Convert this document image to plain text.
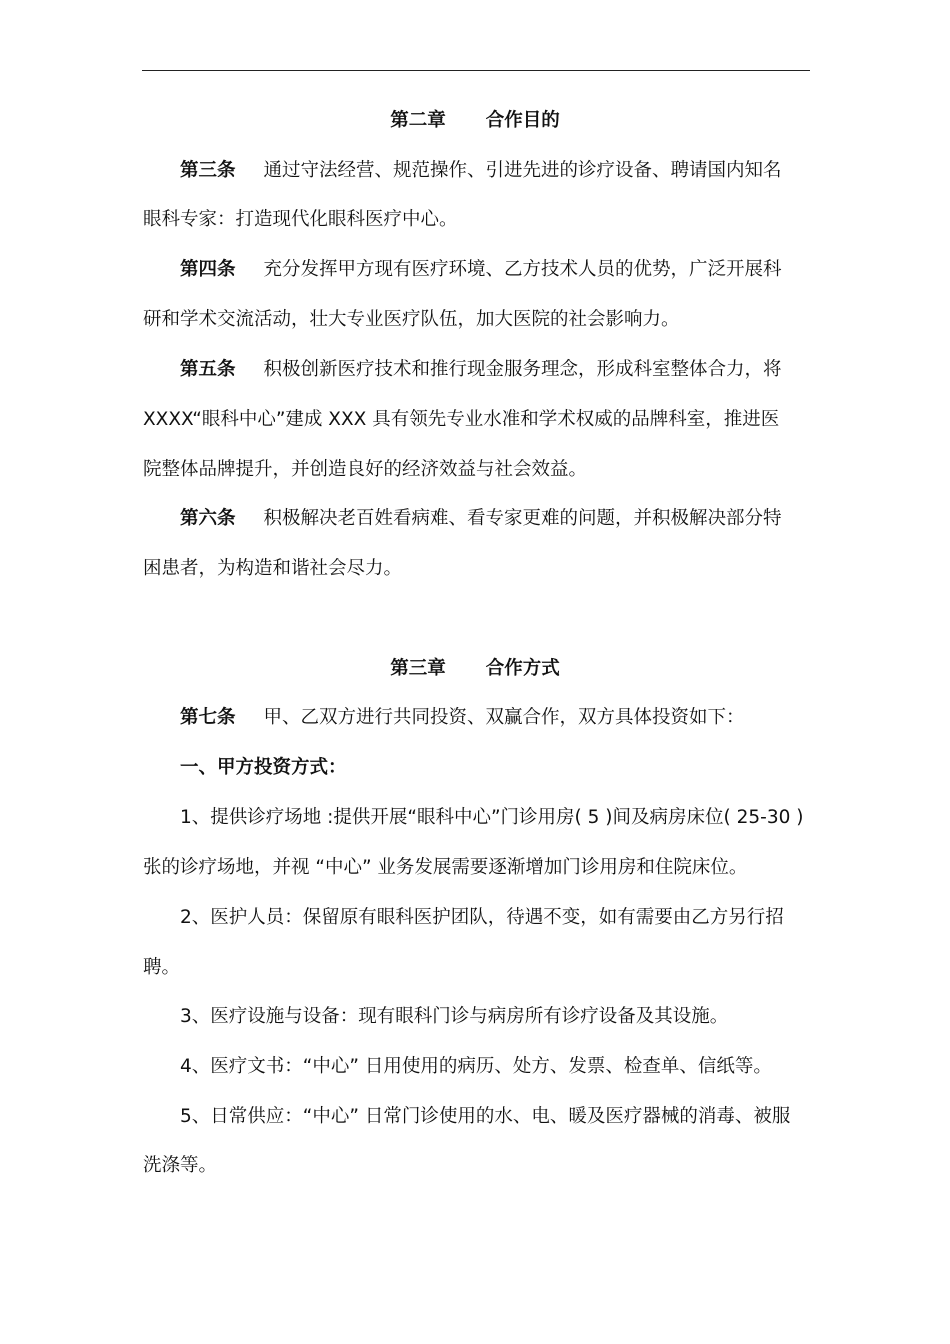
第二章 合作目的
第三条 通过守法经营、规范操作、引进先进的诊疗设备、聘请国内知名
眼科专家：打造现代化眼科医疗中心。
第四条 充分发挥甲方现有医疗环境、乙方技术人员的优势，广泛开展科
研和学术交流活动，壮大专业医疗队伍，加大医院的社会影响力。
第五条 积极创新医疗技术和推行现金服务理念，形成科室整体合力，将
XXXX“眼科中心”建成 XXX 具有领先专业水准和学术权威的品牌科室，推进医
院整体品牌提升，并创造良好的经济效益与社会效益。
第六条 积极解决老百姓看病难、看专家更难的问题，并积极解决部分特
困患者，为构造和谐社会尽力。
第三章 合作方式
第七条 甲、乙双方进行共同投资、双赢合作，双方具体投资如下：
一、甲方投资方式：
1、提供诊疗场地 :提供开展“眼科中心”门诊用房( 5 )间及病房床位( 25-30 )
张的诊疗场地，并视 “中心” 业务发展需要逐渐增加门诊用房和住院床位。
2、医护人员：保留原有眼科医护团队，待遇不变，如有需要由乙方另行招
聘。
3、医疗设施与设备：现有眼科门诊与病房所有诊疗设备及其设施。
4、医疗文书：“中心” 日用使用的病历、处方、发票、检查单、信纸等。
5、日常供应：“中心” 日常门诊使用的水、电、暖及医疗器械的消毒、被服
洗涤等。
